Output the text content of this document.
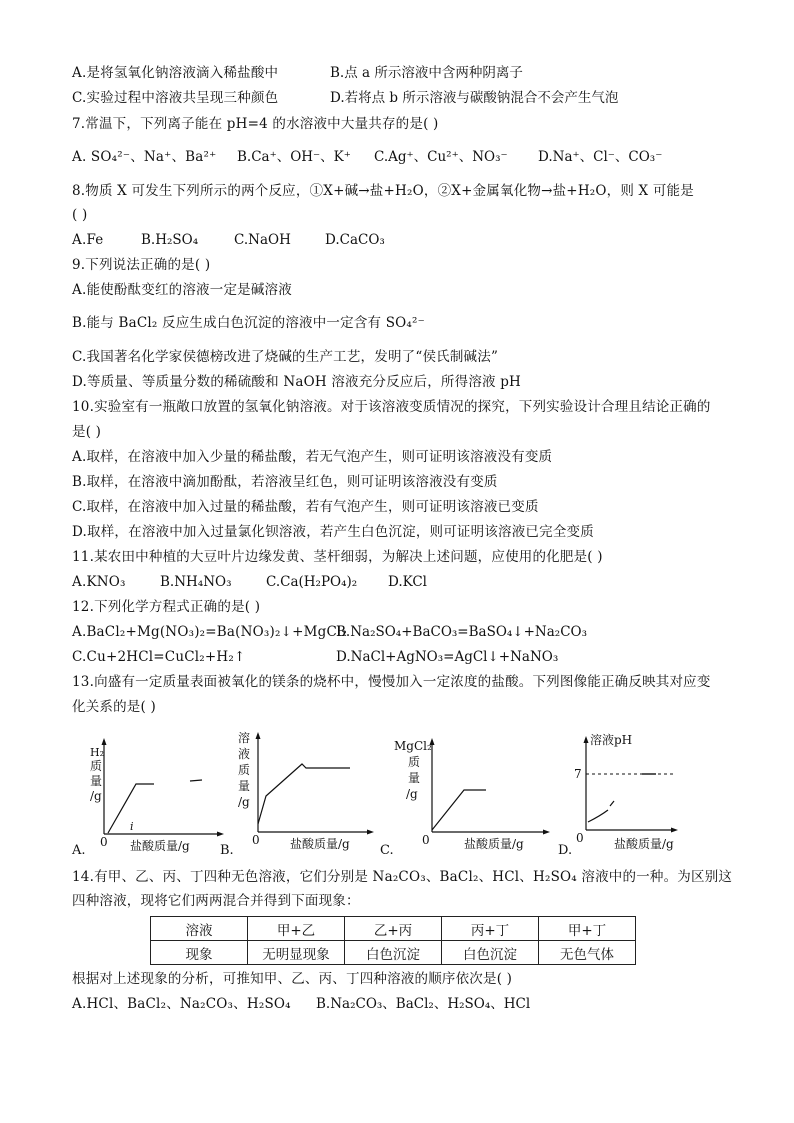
A.是将氢氧化钠溶液滴入稀盐酸中	B.点 a 所示溶液中含两种阴离子
C.实验过程中溶液共呈现三种颜色	D.若将点 b 所示溶液与碳酸钠混合不会产生气泡
7.常温下，下列离子能在 pH=4 的水溶液中大量共存的是( )
A. SO₄²⁻、Na⁺、Ba²⁺ B.Ca⁺、OH⁻、K⁺ C.Ag⁺、Cu²⁺、NO₃⁻ D.Na⁺、Cl⁻、CO₃⁻
8.物质 X 可发生下列所示的两个反应，①X+碱→盐+H₂O，②X+金属氧化物→盐+H₂O，则 X 可能是
( )
A.Fe	B.H₂SO₄	C.NaOH	D.CaCO₃
9.下列说法正确的是( )
A.能使酚酞变红的溶液一定是碱溶液
B.能与 BaCl₂ 反应生成白色沉淀的溶液中一定含有 SO₄²⁻
C.我国著名化学家侯德榜改进了烧碱的生产工艺，发明了“侯氏制碱法”
D.等质量、等质量分数的稀硫酸和 NaOH 溶液充分反应后，所得溶液 pH
10.实验室有一瓶敞口放置的氢氧化钠溶液。对于该溶液变质情况的探究，下列实验设计合理且结论正确的
是( )
A.取样，在溶液中加入少量的稀盐酸，若无气泡产生，则可证明该溶液没有变质
B.取样，在溶液中滴加酚酞，若溶液呈红色，则可证明该溶液没有变质
C.取样，在溶液中加入过量的稀盐酸，若有气泡产生，则可证明该溶液已变质
D.取样，在溶液中加入过量氯化钡溶液，若产生白色沉淀，则可证明该溶液已完全变质
11.某农田中种植的大豆叶片边缘发黄、茎杆细弱，为解决上述问题，应使用的化肥是( )
A.KNO₃	B.NH₄NO₃	C.Ca(H₂PO₄)₂ D.KCl
12.下列化学方程式正确的是( )
A.BaCl₂+Mg(NO₃)₂=Ba(NO₃)₂↓+MgCl₂
B.Na₂SO₄+BaCO₃=BaSO₄↓+Na₂CO₃
C.Cu+2HCl=CuCl₂+H₂↑	D.NaCl+AgNO₃=AgCl↓+NaNO₃
13.向盛有一定质量表面被氧化的镁条的烧杯中，慢慢加入一定浓度的盐酸。下列图像能正确反映其对应变
化关系的是( )
H₂
质
量
/g
0
i
盐酸质量/g
A.
溶
液
质
量
/g
0	盐酸质量/g
B.
MgCl₂
质
量
/g
0	盐酸质量/g
C.
溶液pH
7
0	盐酸质量/g
D.
14.有甲、乙、丙、丁四种无色溶液，它们分别是 Na₂CO₃、BaCl₂、HCl、H₂SO₄ 溶液中的一种。为区别这
四种溶液，现将它们两两混合并得到下面现象：
溶液	甲+乙	乙+丙	丙+丁	甲+丁
现象	无明显现象	白色沉淀	白色沉淀	无色气体
根据对上述现象的分析，可推知甲、乙、丙、丁四种溶液的顺序依次是( )
A.HCl、BaCl₂、Na₂CO₃、H₂SO₄ B.Na₂CO₃、BaCl₂、H₂SO₄、HCl
